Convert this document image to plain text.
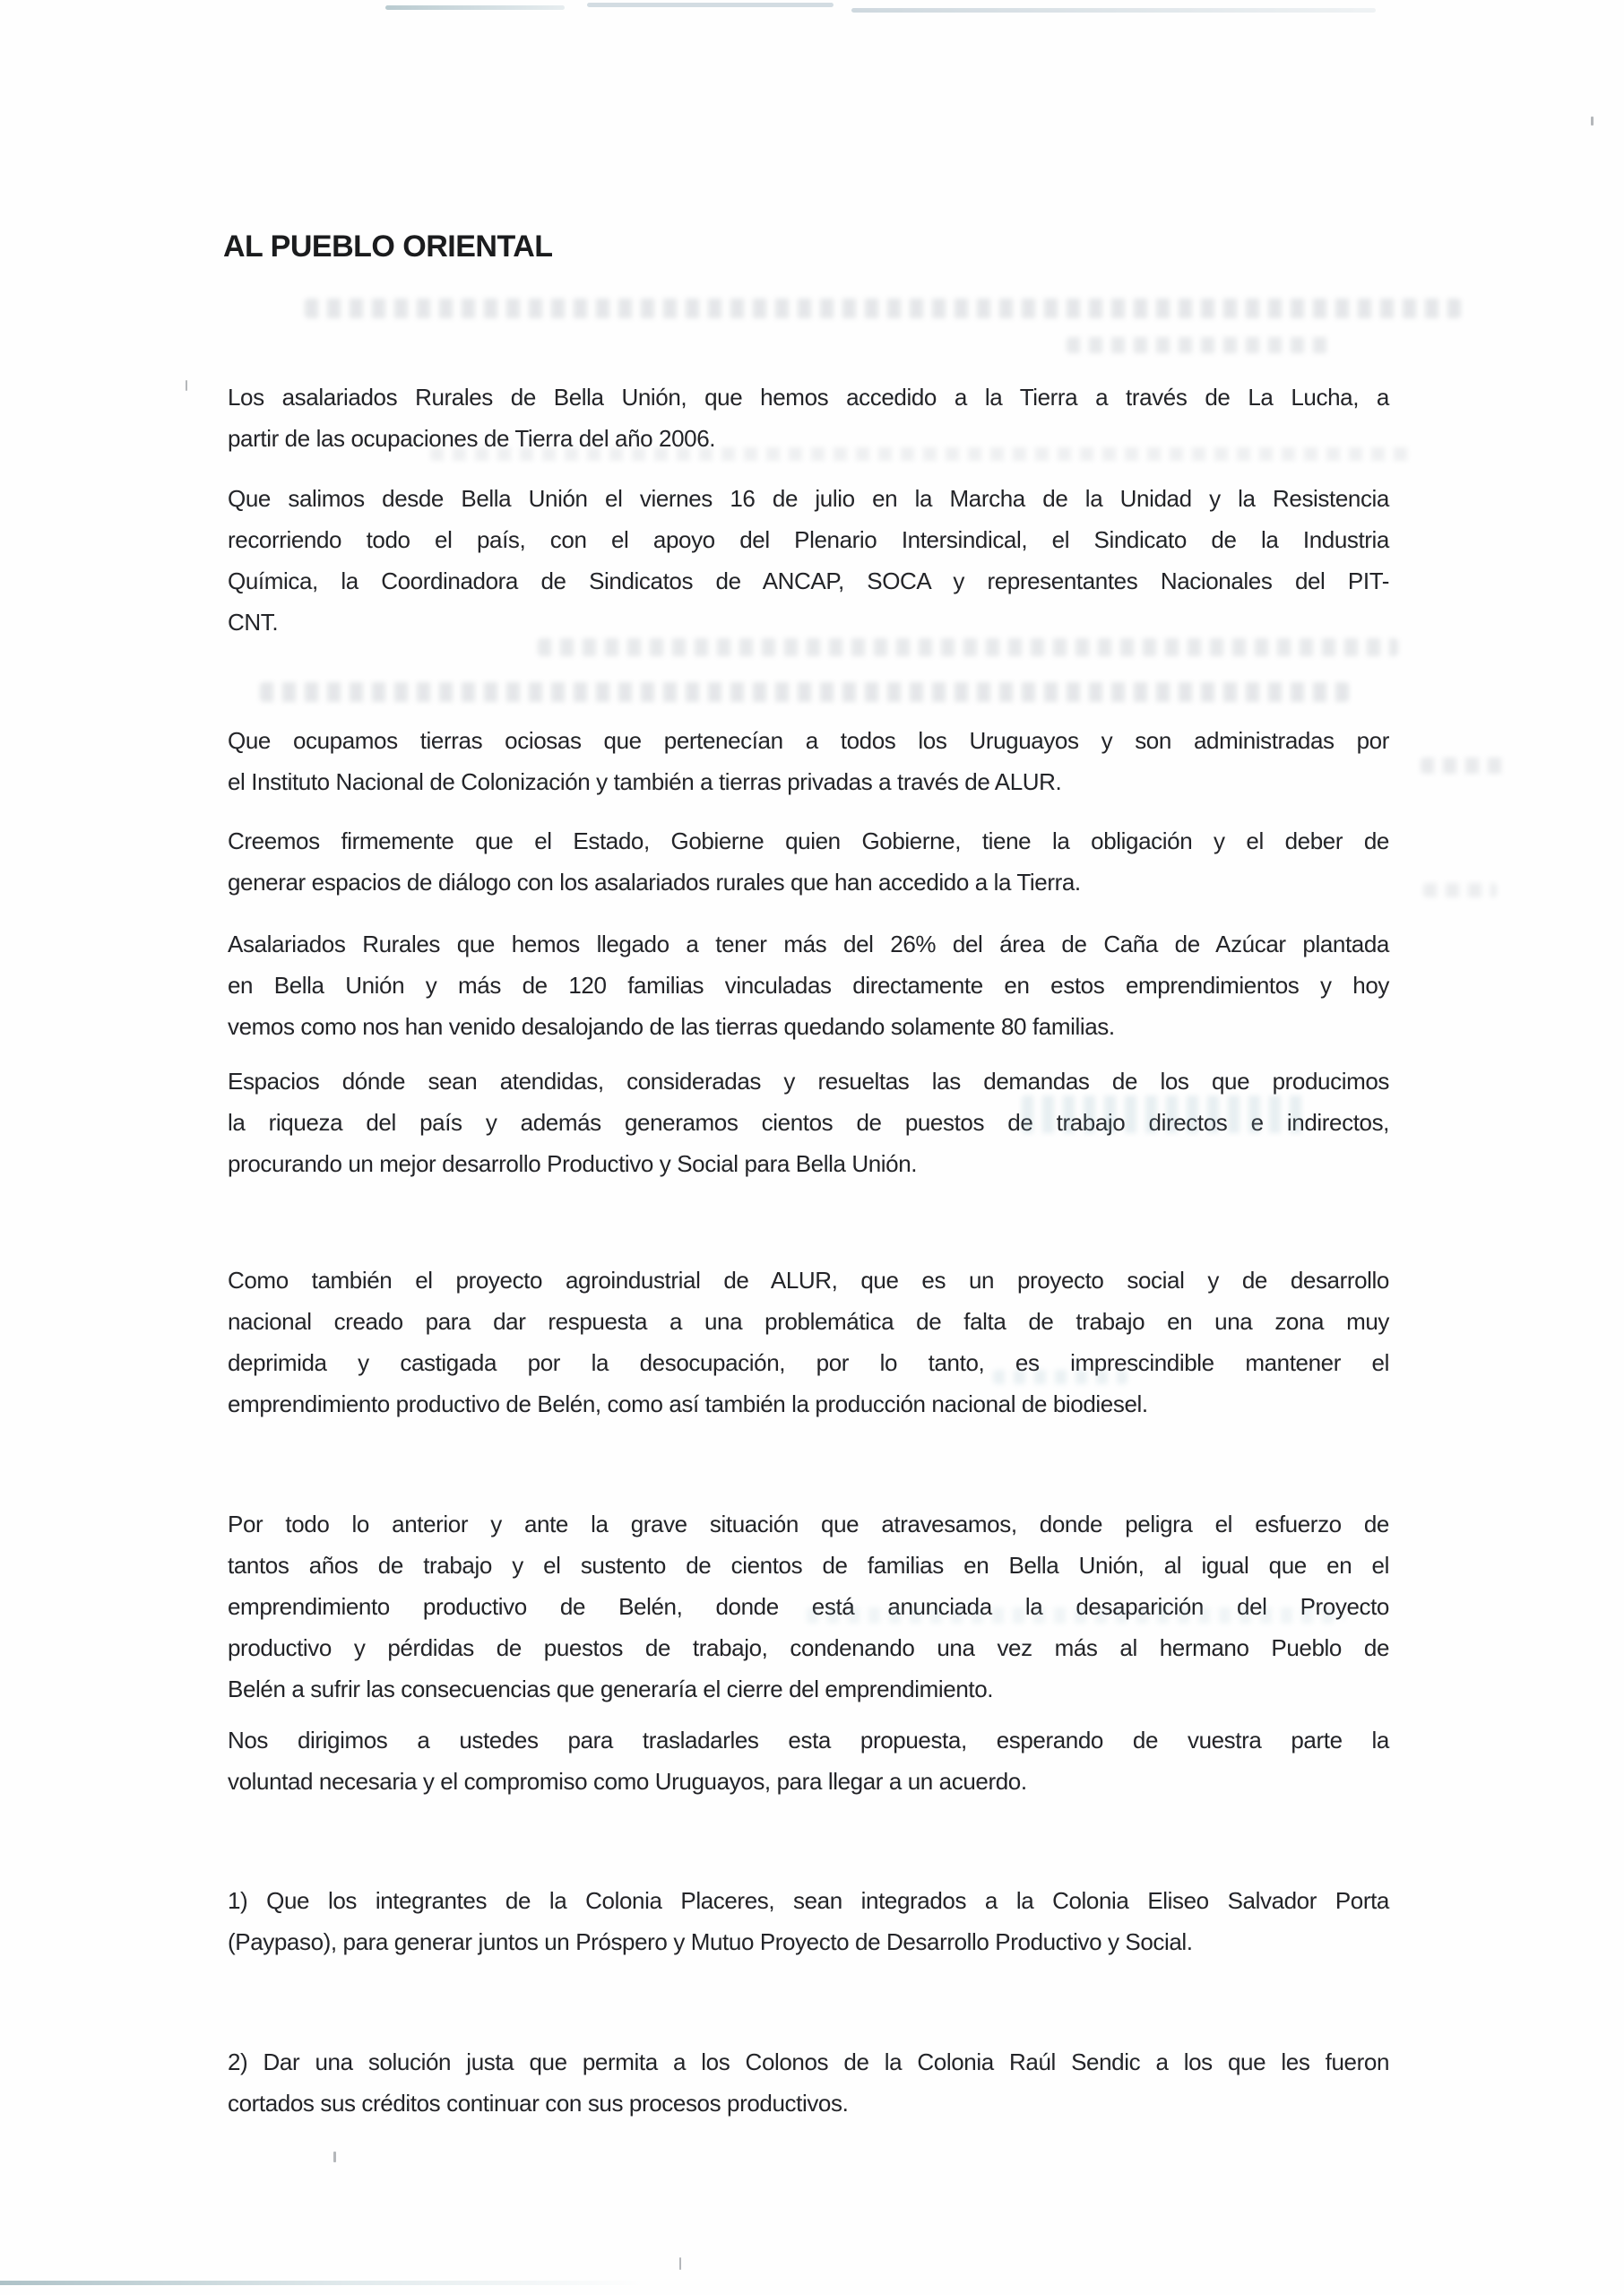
AL PUEBLO ORIENTAL
Los asalariados Rurales de Bella Unión, que hemos accedido a la Tierra a través de La Lucha, a
partir de las ocupaciones de Tierra del año 2006.
Que salimos desde Bella Unión el viernes 16 de julio en la Marcha de la Unidad y la Resistencia
recorriendo todo el país, con el apoyo del Plenario Intersindical, el Sindicato de la Industria
Química, la Coordinadora de Sindicatos de ANCAP, SOCA y representantes Nacionales del PIT-
CNT.
Que ocupamos tierras ociosas que pertenecían a todos los Uruguayos y son administradas por
el Instituto Nacional de Colonización y también a tierras privadas a través de ALUR.
Creemos firmemente que el Estado, Gobierne quien Gobierne, tiene la obligación y el deber de
generar espacios de diálogo con los asalariados rurales que han accedido a la Tierra.
Asalariados Rurales que hemos llegado a tener más del 26% del área de Caña de Azúcar plantada
en Bella Unión y más de 120 familias vinculadas directamente en estos emprendimientos y hoy
vemos como nos han venido desalojando de las tierras quedando solamente 80 familias.
Espacios dónde sean atendidas, consideradas y resueltas las demandas de los que producimos
la riqueza del país y además generamos cientos de puestos de trabajo directos e indirectos,
procurando un mejor desarrollo Productivo y Social para Bella Unión.
Como también el proyecto agroindustrial de ALUR, que es un proyecto social y de desarrollo
nacional creado para dar respuesta a una problemática de falta de trabajo en una zona muy
deprimida y castigada por la desocupación, por lo tanto, es imprescindible mantener el
emprendimiento productivo de Belén, como así también la producción nacional de biodiesel.
Por todo lo anterior y ante la grave situación que atravesamos, donde peligra el esfuerzo de
tantos años de trabajo y el sustento de cientos de familias en Bella Unión, al igual que en el
emprendimiento productivo de Belén, donde está anunciada la desaparición del Proyecto
productivo y pérdidas de puestos de trabajo, condenando una vez más al hermano Pueblo de
Belén a sufrir las consecuencias que generaría el cierre del emprendimiento.
Nos dirigimos a ustedes para trasladarles esta propuesta, esperando de vuestra parte la
voluntad necesaria y el compromiso como Uruguayos, para llegar a un acuerdo.
1) Que los integrantes de la Colonia Placeres, sean integrados a la Colonia Eliseo Salvador Porta
(Paypaso), para generar juntos un Próspero y Mutuo Proyecto de Desarrollo Productivo y Social.
2) Dar una solución justa que permita a los Colonos de la Colonia Raúl Sendic a los que les fueron
cortados sus créditos continuar con sus procesos productivos.
